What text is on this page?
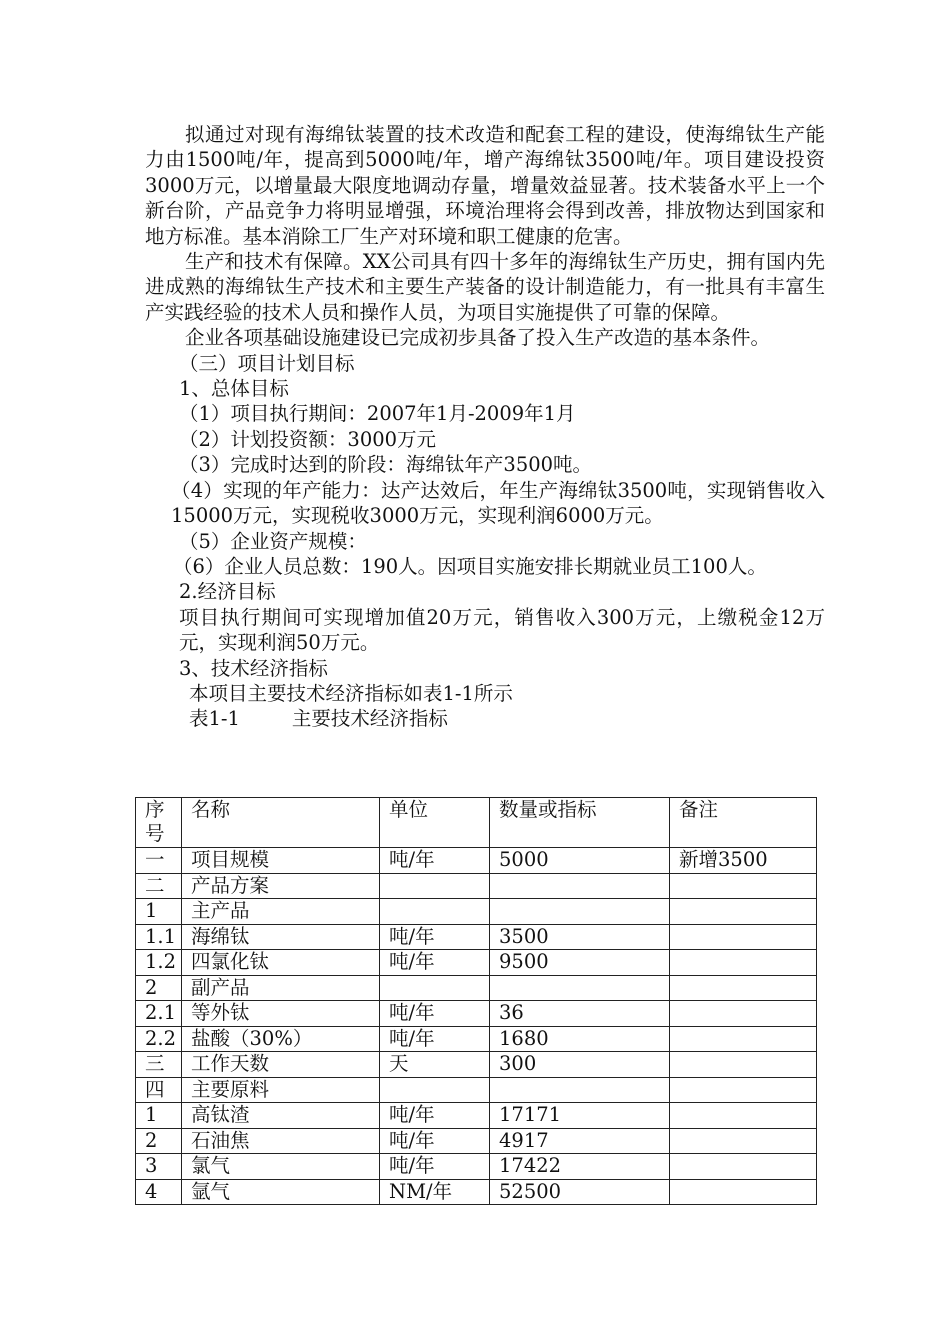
拟通过对现有海绵钛装置的技术改造和配套工程的建设，使海绵钛生产能力由1500吨/年，提高到5000吨/年，增产海绵钛3500吨/年。项目建设投资3000万元，以增量最大限度地调动存量，增量效益显著。技术装备水平上一个新台阶，产品竞争力将明显增强，环境治理将会得到改善，排放物达到国家和地方标准。基本消除工厂生产对环境和职工健康的危害。

生产和技术有保障。XX公司具有四十多年的海绵钛生产历史，拥有国内先进成熟的海绵钛生产技术和主要生产装备的设计制造能力，有一批具有丰富生产实践经验的技术人员和操作人员，为项目实施提供了可靠的保障。

企业各项基础设施建设已完成初步具备了投入生产改造的基本条件。

（三）项目计划目标

1、总体目标

（1）项目执行期间：2007年1月-2009年1月

（2）计划投资额：3000万元

（3）完成时达到的阶段：海绵钛年产3500吨。

（4）实现的年产能力：达产达效后，年生产海绵钛3500吨，实现销售收入15000万元，实现税收3000万元，实现利润6000万元。

（5）企业资产规模：

（6）企业人员总数：190人。因项目实施安排长期就业员工100人。

2.经济目标

项目执行期间可实现增加值20万元，销售收入300万元，上缴税金12万元，实现利润50万元。

3、技术经济指标

本项目主要技术经济指标如表1-1所示

表1-1	主要技术经济指标

序号	名称	单位	数量或指标	备注
一	项目规模	吨/年	5000	新增3500
二	产品方案			
1	主产品			
1.1	海绵钛	吨/年	3500	
1.2	四氯化钛	吨/年	9500	
2	副产品			
2.1	等外钛	吨/年	36	
2.2	盐酸（30%）	吨/年	1680	
三	工作天数	天	300	
四	主要原料			
1	高钛渣	吨/年	17171	
2	石油焦	吨/年	4917	
3	氯气	吨/年	17422	
4	氩气	NM/年	52500	
